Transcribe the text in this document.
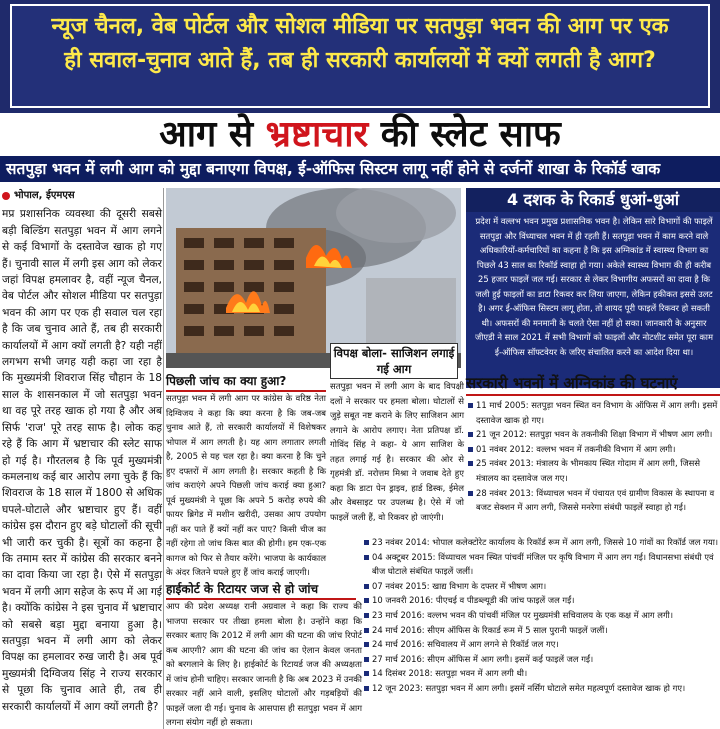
न्यूज चैनल, वेब पोर्टल और सोशल मीडिया पर सतपुड़ा भवन की आग पर एक
ही सवाल-चुनाव आते हैं, तब ही सरकारी कार्यालयों में क्यों लगती है आग?
आग से भ्रष्टाचार की स्लेट साफ
सतपुड़ा भवन में लगी आग को मुद्दा बनाएगा विपक्ष, ई-ऑफिस सिस्टम लागू नहीं होने से दर्जनों शाखा के रिकॉर्ड खाक
भोपाल, ईएमएस
मप्र प्रशासनिक व्यवस्था की दूसरी सबसे बड़ी बिल्डिंग सतपुड़ा भवन में आग लगने से कई विभागों के दस्तावेज खाक हो गए हैं। चुनावी साल में लगी इस आग को लेकर जहां विपक्ष हमलावर है, वहीं न्यूज चैनल, वेब पोर्टल और सोशल मीडिया पर सतपुड़ा भवन की आग पर एक ही सवाल चल रहा है कि जब चुनाव आते हैं, तब ही सरकारी कार्यालयों में आग क्यों लगती है? यही नहीं लगभग सभी जगह यही कहा जा रहा है कि मुख्यमंत्री शिवराज सिंह चौहान के 18 साल के शासनकाल में जो सतपुड़ा भवन था वह पूरे तरह खाक हो गया है और अब सिर्फ 'राज' पूरे तरह साफ है। लोक कह रहे हैं कि आग में भ्रष्टाचार की स्लेट साफ हो गई है। गौरतलब है कि पूर्व मुख्यमंत्री कमलनाथ कई बार आरोप लगा चुके हैं कि शिवराज के 18 साल में 1800 से अधिक घपले-घोटाले और भ्रष्टाचार हुए हैं। वहीं कांग्रेस इस दौरान हुए बड़े घोटालों की सूची भी जारी कर चुकी है। सूत्रों का कहना है कि तमाम स्तर में कांग्रेस की सरकार बनने का दावा किया जा रहा है। ऐसे में सतपुड़ा भवन में लगी आग सहेज के रूप में आ गई है। क्योंकि कांग्रेस ने इस चुनाव में भ्रष्टाचार को सबसे बड़ा मुद्दा बनाया हुआ है। सतपुड़ा भवन में लगी आग को लेकर विपक्ष का हमलावर रुख जारी है। अब पूर्व मुख्यमंत्री दिग्विजय सिंह ने राज्य सरकार से पूछा कि चुनाव आते ही, तब ही सरकारी कार्यालयों में आग क्यों लगती है?
विपक्ष बोला- साजिशन लगाई गई आग
4 दशक के रिकार्ड धुआं-धुआं
प्रदेश में वल्लभ भवन प्रमुख प्रशासनिक भवन है। लेकिन सारे विभागों की फाइलें सतपुड़ा और विंध्याचल भवन में ही रहती हैं। सतपुड़ा भवन में काम करने वाले अधिकारियों-कर्मचारियों का कहना है कि इस अग्निकांड में स्वास्थ्य विभाग का पिछले 43 साल का रिकॉर्ड स्वाहा हो गया। अकेले स्वास्थ्य विभाग की ही करीब 25 हजार फाइलें जल गई। सरकार से लेकर विभागीय अफसरों का दावा है कि जली हुई फाइलों का डाटा रिकवर कर लिया जाएगा, लेकिन हकीकत इससे उलट है। अगर ई-ऑफिस सिस्टम लागू होता, तो शायद पूरी फाइलें रिकवर हो सकती थी। अफसरों की मनमानी के चलते ऐसा नहीं हो सका। जानकारी के अनुसार जीएडी ने साल 2021 में सभी विभागों को फाइलों और नोटशीट समेत पूरा काम ई-ऑफिस सॉफ्टवेयर के जरिए संचालित करने का आदेश दिया था।
पिछली जांच का क्या हुआ?
सतपुड़ा भवन में लगी आग पर कांग्रेस के वरिष्ठ नेता दिग्विजय ने कहा कि क्या करना है कि जब-जब चुनाव आते हैं, तो सरकारी कार्यालयों में विशेषकर भोपाल में आग लगती है। यह आग लगातार लगती है, 2005 से यह चल रहा है। क्या करना है कि चुने हुए दफ्तरों में आग लगती है। सरकार कहती है कि जांच कराएंगे अपने पिछली जांच कराई क्या हुआ? पूर्व मुख्यमंत्री ने पूछा कि अपने 5 करोड़ रुपये की फायर ब्रिगेड में मशीन खरीदी, उसका आप उपयोग नहीं कर पाते हैं क्यों नहीं कर पाए? किसी चीज का नहीं रहेगा तो जांच किस बात की होगी। हम एक-एक कागज को फिर से तैयार करेंगे। भाजपा के कार्यकाल के अंदर जितने घपले हुए हैं जांच कराई जाएगी।
सतपुड़ा भवन में लगी आग के बाद विपक्षी दलों ने सरकार पर हमला बोला। घोटालों से जुड़े सबूत नष्ट कराने के लिए साजिशन आग लगाने के आरोप लगाए। नेता प्रतिपक्ष डॉ. गोविंद सिंह ने कहा- ये आग साजिश के तहत लगाई गई है। सरकार की ओर से गृहमंत्री डॉ. नरोत्तम मिश्रा ने जवाब देते हुए कहा कि डाटा पेन ड्राइव, हार्ड डिस्क, ईमेल और वेबसाइट पर उपलब्ध है। ऐसे में जो फाइलें जली हैं, वो रिकवर हो जाएंगी।
हाईकोर्ट के रिटायर जज से हो जांच
आप की प्रदेश अध्यक्ष रानी अग्रवाल ने कहा कि राज्य की भाजपा सरकार पर तीखा हमला बोला है। उन्होंने कहा कि सरकार बताए कि 2012 में लगी आग की घटना की जांच रिपोर्ट कब आएगी? आग की घटना की जांच का ऐलान केवल जनता को बरगलाने के लिए है। हाईकोर्ट के रिटायर्ड जज की अध्यक्षता में जांच होनी चाहिए। सरकार जानती है कि अब 2023 में उनकी सरकार नहीं आने वाली, इसलिए घोटालों और गड़बड़ियों की फाइलें जला दी गई। चुनाव के आसपास ही सतपुड़ा भवन में आग लगना संयोग नहीं हो सकता।
सरकारी भवनों में अग्निकांड की घटनाएं
11 मार्च 2005: सतपुड़ा भवन स्थित वन विभाग के ऑफिस में आग लगी। इसमें दस्तावेज खाक हो गए।
21 जून 2012: सतपुड़ा भवन के तकनीकी शिक्षा विभाग में भीषण आग लगी।
01 नवंबर 2012: वल्लभ भवन में तकनीकी विभाग में आग लगी।
25 नवंबर 2013: मंत्रालय के भीमकाय स्थित गोदाम में आग लगी, जिससे मंत्रालय का दस्तावेज जल गए।
28 नवंबर 2013: विंध्याचल भवन में पंचायत एवं ग्रामीण विकास के स्थापना व बजट सेक्शन में आग लगी, जिससे मनरेगा संबंधी फाइलें स्वाहा हो गई।
23 नवंबर 2014: भोपाल कलेक्टोरेट कार्यालय के रिकॉर्ड रूम में आग लगी, जिससे 10 गांवों का रिकॉर्ड जल गया।
04 अक्टूबर 2015: विंध्याचल भवन स्थित पांचवीं मंजिल पर कृषि विभाग में आग लग गई। विधानसभा संबंधी एवं बीज घोटाले संबंधित फाइलें जलीं।
07 नवंबर 2015: खाद्य विभाग के दफ्तर में भीषण आग।
10 जनवरी 2016: पीएचई व पीडब्ल्यूडी की जांच फाइलें जल गईं।
23 मार्च 2016: वल्लभ भवन की पांचवीं मंजिल पर मुख्यमंत्री सचिवालय के एक कक्ष में आग लगी।
24 मार्च 2016: सीएम ऑफिस के रिकार्ड रूम में 5 साल पुरानी फाइलें जलीं।
24 मार्च 2016: सचिवालय में आग लगने से रिकॉर्ड जल गए।
27 मार्च 2016: सीएम ऑफिस में आग लगी। इसमें कई फाइलें जल गईं।
14 दिसंबर 2018: सतपुड़ा भवन में आग लगी थी।
12 जून 2023: सतपुड़ा भवन में आग लगी। इसमें नर्सिंग घोटाले समेत महत्वपूर्ण दस्तावेज खाक हो गए।
